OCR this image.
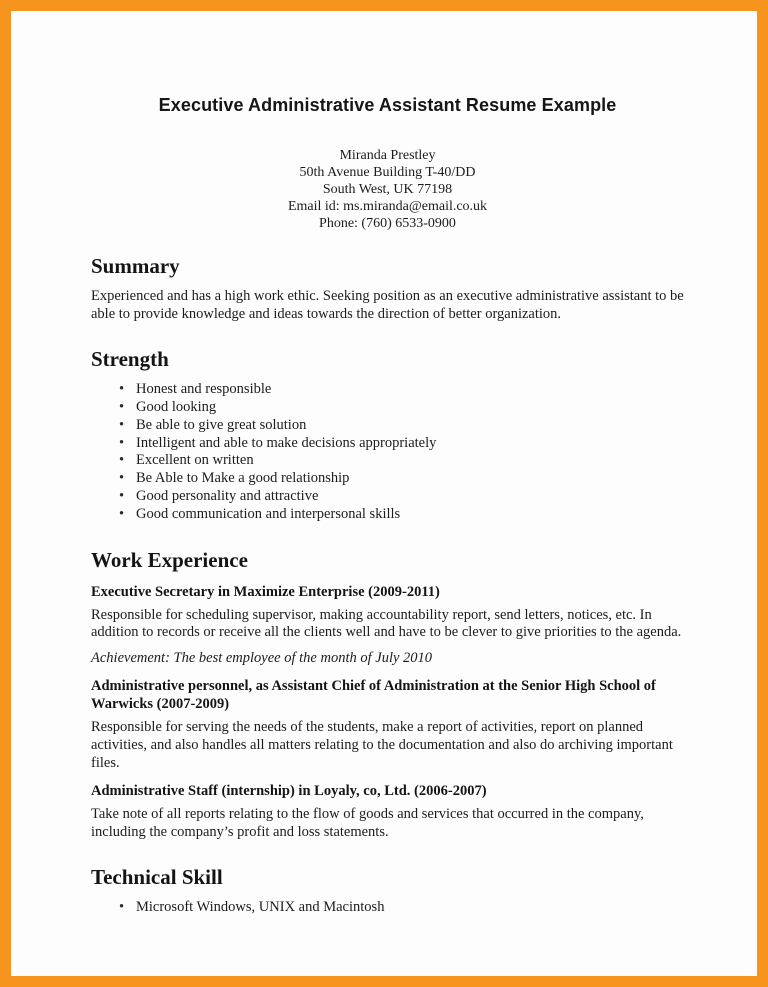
Executive Administrative Assistant Resume Example
Miranda Prestley
50th Avenue Building T-40/DD
South West, UK 77198
Email id: ms.miranda@email.co.uk
Phone: (760) 6533-0900
Summary

Experienced and has a high work ethic. Seeking position as an executive administrative assistant to be able to provide knowledge and ideas towards the direction of better organization.

Strength
• Honest and responsible
• Good looking
• Be able to give great solution
• Intelligent and able to make decisions appropriately
• Excellent on written
• Be Able to Make a good relationship
• Good personality and attractive
• Good communication and interpersonal skills
Work Experience
Executive Secretary in Maximize Enterprise (2009-2011)

Responsible for scheduling supervisor, making accountability report, send letters, notices, etc. In addition to records or receive all the clients well and have to be clever to give priorities to the agenda.

Achievement: The best employee of the month of July 2010

Administrative personnel, as Assistant Chief of Administration at the Senior High School of Warwicks (2007-2009)

Responsible for serving the needs of the students, make a report of activities, report on planned activities, and also handles all matters relating to the documentation and also do archiving important files.

Administrative Staff (internship) in Loyaly, co, Ltd. (2006-2007)

Take note of all reports relating to the flow of goods and services that occurred in the company, including the company’s profit and loss statements.

Technical Skill
• Microsoft Windows, UNIX and Macintosh
